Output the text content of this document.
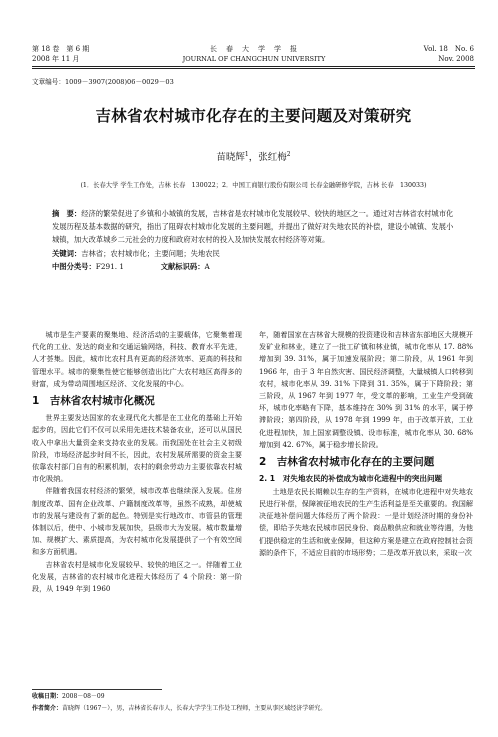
第 18 卷　第 6 期
2008 年 11 月
长　春　大　学　学　报
JOURNAL OF CHANGCHUN UNIVERSITY
Vol. 18　No. 6
Nov. 2008
文章编号：1009－3907(2008)06－0029－03
吉林省农村城市化存在的主要问题及对策研究
苗晓辉$^1$，张红梅$^2$
(1．长春大学 学生工作处，吉林 长春　130022；2．中国工商银行股份有限公司 长春金融研修学院，吉林 长春　130033)
摘　要：经济的繁荣促进了乡镇和小城镇的发展，吉林省是农村城市化发展较早、较快的地区之一。通过对吉林省农村城市化发展历程及基本数据的研究，指出了阻碍农村城市化发展的主要问题，并提出了做好对失地农民的补偿，建设小城镇、发展小城镇，加大改革城乡二元社会的力度和政府对农村的投入及加快发展农村经济等对策。
关键词：吉林省；农村城市化；主要问题；失地农民
中图分类号：F291. 1	文献标识码：A

城市是生产要素的聚集地、经济活动的主要载体，它聚集着现代化的工业、发达的商业和交通运输网络，科技、教育水平先进，人才荟集。因此，城市比农村具有更高的经济效率、更高的科技和管理水平。城市的聚集性使它能够创造出比广大农村地区高得多的财富，成为带动周围地区经济、文化发展的中心。

1　吉林省农村城市化概况

世界主要发达国家的农业现代化大都是在工业化的基础上开始起步的，因此它们不仅可以采用先进技术装备农业，还可以从国民收入中拿出大量资金来支持农业的发展。而我国处在社会主义初级阶段，市场经济起步时间不长，因此，农村发展所需要的资金主要依靠农村部门自有的积累机制，农村的剩余劳动力主要依靠农村城市化吸纳。

伴随着我国农村经济的繁荣，城市改革也继续深入发展。住房制度改革、国有企业改革、户籍制度改革等，虽然不成熟，却使城市的发展与建设有了新的起色。特别是实行地改市、市管县的管理体制以后，使中、小城市发展加快，县级市大为发展。城市数量增加、规模扩大、素质提高，为农村城市化发展提供了一个有效空间和多方面机遇。

吉林省农村是城市化发展较早、较快的地区之一。伴随着工业化发展，吉林省的农村城市化进程大体经历了 4 个阶段：第一阶段，从 1949 年到 1960

年，随着国家在吉林省大规模的投资建设和吉林省东部地区大规模开发矿业和林业，建立了一批工矿镇和林业镇，城市化率从 17. 88% 增加到 39. 31%，属于加速发展阶段；第二阶段，从 1961 年到 1966 年，由于 3 年自然灾害、国民经济调整，大量城镇人口转移到农村，城市化率从 39. 31% 下降到 31. 35%，属于下降阶段；第三阶段，从 1967 年到 1977 年，受文革的影响，工业生产受到破坏，城市化率略有下降，基本维持在 30% 到 31% 的水平，属于停滞阶段；第四阶段，从 1978 年到 1999 年，由于改革开放，工业化进程加快，加上国家调整设镇、设市标准，城市化率从 30. 68% 增加到 42. 67%，属于稳步增长阶段。

2　吉林省农村城市化存在的主要问题
2. 1　对失地农民的补偿成为城市化进程中的突出问题

土地是农民长期赖以生存的生产资料，在城市化进程中对失地农民进行补偿，保障被征地农民的生产生活利益是至关重要的。我国解决征地补偿问题大体经历了两个阶段：一是计划经济时期的身份补偿，即给予失地农民城市居民身份、商品粮供应和就业等待遇，为他们提供稳定的生活和就业保障，但这种方案是建立在政府控制社会资源的条件下，不适应目前的市场形势；二是改革开放以来，采取一次

收稿日期：2008－08－09
作者简介：苗晓辉（1967－），男，吉林省长春市人，长春大学学生工作处工程师，主要从事区域经济学研究。
